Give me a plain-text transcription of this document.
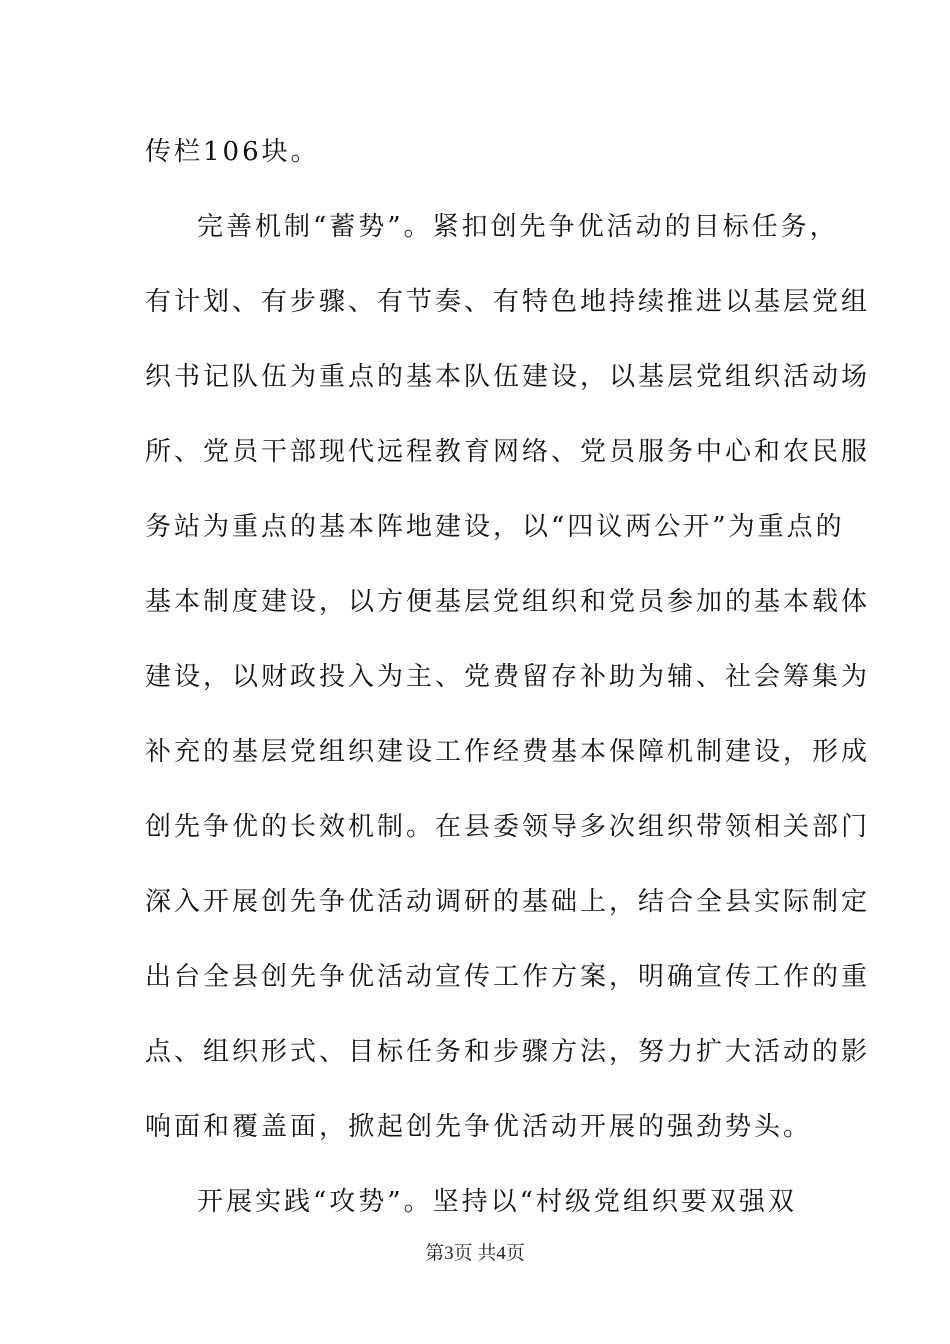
传栏106块。
完善机制“蓄势”。紧扣创先争优活动的目标任务，
有计划、有步骤、有节奏、有特色地持续推进以基层党组
织书记队伍为重点的基本队伍建设，以基层党组织活动场
所、党员干部现代远程教育网络、党员服务中心和农民服
务站为重点的基本阵地建设，以“四议两公开”为重点的
基本制度建设，以方便基层党组织和党员参加的基本载体
建设，以财政投入为主、党费留存补助为辅、社会筹集为
补充的基层党组织建设工作经费基本保障机制建设，形成
创先争优的长效机制。在县委领导多次组织带领相关部门
深入开展创先争优活动调研的基础上，结合全县实际制定
出台全县创先争优活动宣传工作方案，明确宣传工作的重
点、组织形式、目标任务和步骤方法，努力扩大活动的影
响面和覆盖面，掀起创先争优活动开展的强劲势头。
开展实践“攻势”。坚持以“村级党组织要双强双
第3页 共4页
